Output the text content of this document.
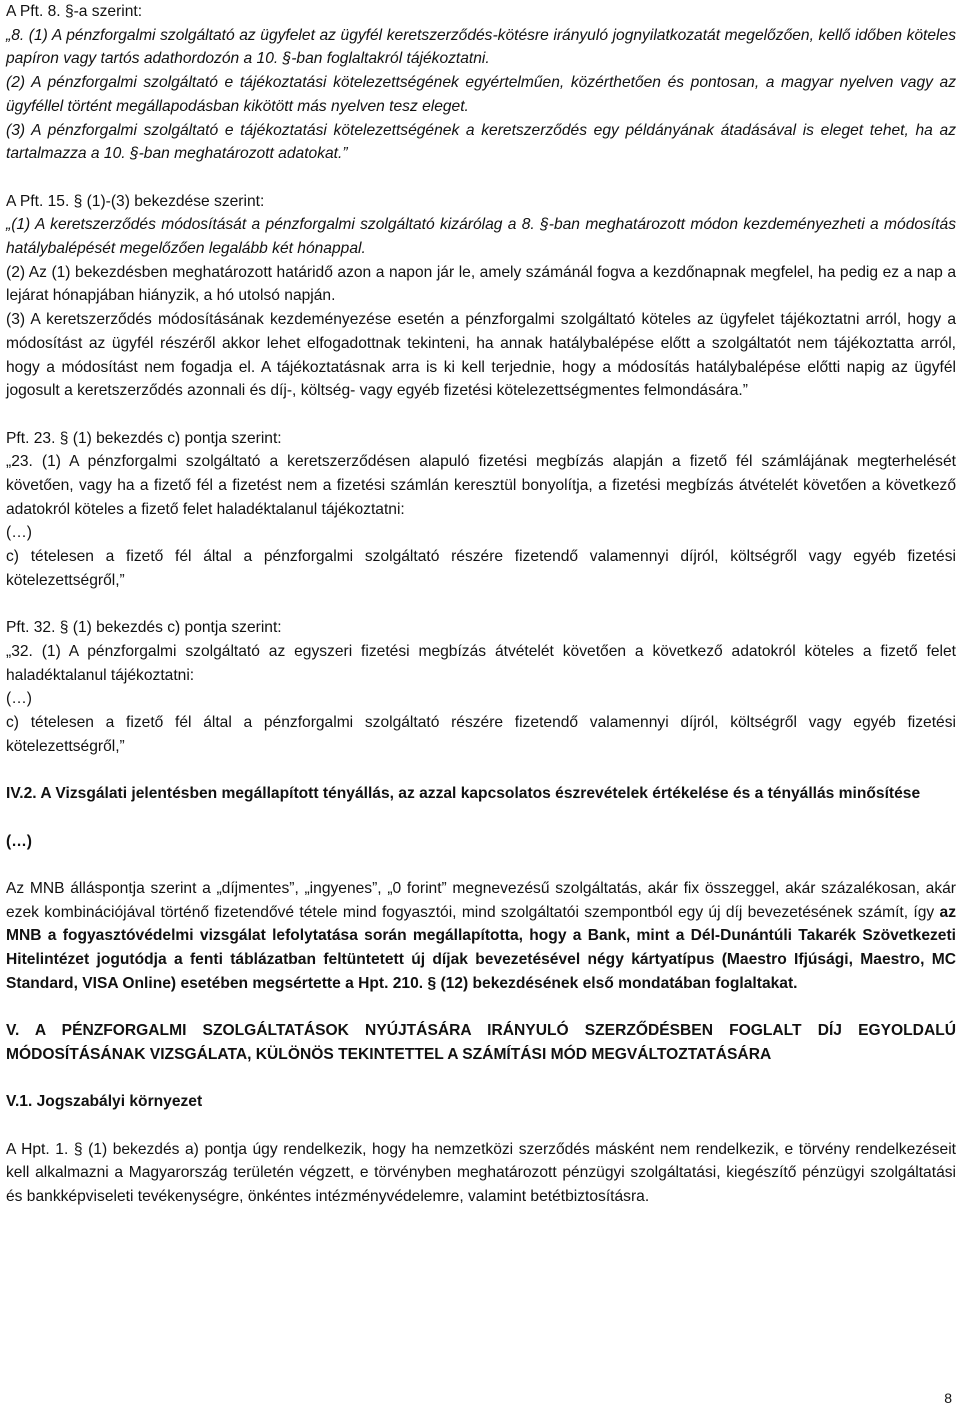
A Pft. 8. §-a szerint:

„8. (1) A pénzforgalmi szolgáltató az ügyfelet az ügyfél keretszerződés-kötésre irányuló jognyilatkozatát megelőzően, kellő időben köteles papíron vagy tartós adathordozón a 10. §-ban foglaltakról tájékoztatni.

(2) A pénzforgalmi szolgáltató e tájékoztatási kötelezettségének egyértelműen, közérthetően és pontosan, a magyar nyelven vagy az ügyféllel történt megállapodásban kikötött más nyelven tesz eleget.

(3) A pénzforgalmi szolgáltató e tájékoztatási kötelezettségének a keretszerződés egy példányának átadásával is eleget tehet, ha az tartalmazza a 10. §-ban meghatározott adatokat.”

A Pft. 15. § (1)-(3) bekezdése szerint:

„(1) A keretszerződés módosítását a pénzforgalmi szolgáltató kizárólag a 8. §-ban meghatározott módon kezdeményezheti a módosítás hatálybalépését megelőzően legalább két hónappal.

(2) Az (1) bekezdésben meghatározott határidő azon a napon jár le, amely számánál fogva a kezdőnapnak megfelel, ha pedig ez a nap a lejárat hónapjában hiányzik, a hó utolsó napján.

(3) A keretszerződés módosításának kezdeményezése esetén a pénzforgalmi szolgáltató köteles az ügyfelet tájékoztatni arról, hogy a módosítást az ügyfél részéről akkor lehet elfogadottnak tekinteni, ha annak hatálybalépése előtt a szolgáltatót nem tájékoztatta arról, hogy a módosítást nem fogadja el. A tájékoztatásnak arra is ki kell terjednie, hogy a módosítás hatálybalépése előtti napig az ügyfél jogosult a keretszerződés azonnali és díj-, költség- vagy egyéb fizetési kötelezettségmentes felmondására.”

Pft. 23. § (1) bekezdés c) pontja szerint:

„23. (1) A pénzforgalmi szolgáltató a keretszerződésen alapuló fizetési megbízás alapján a fizető fél számlájának megterhelését követően, vagy ha a fizető fél a fizetést nem a fizetési számlán keresztül bonyolítja, a fizetési megbízás átvételét követően a következő adatokról köteles a fizető felet haladéktalanul tájékoztatni:

(…)

c) tételesen a fizető fél által a pénzforgalmi szolgáltató részére fizetendő valamennyi díjról, költségről vagy egyéb fizetési kötelezettségről,”

Pft. 32. § (1) bekezdés c) pontja szerint:

„32. (1) A pénzforgalmi szolgáltató az egyszeri fizetési megbízás átvételét követően a következő adatokról köteles a fizető felet haladéktalanul tájékoztatni:

(…)

c) tételesen a fizető fél által a pénzforgalmi szolgáltató részére fizetendő valamennyi díjról, költségről vagy egyéb fizetési kötelezettségről,”

IV.2. A Vizsgálati jelentésben megállapított tényállás, az azzal kapcsolatos észrevételek értékelése és a tényállás minősítése

(…)

Az MNB álláspontja szerint a „díjmentes”, „ingyenes”, „0 forint” megnevezésű szolgáltatás, akár fix összeggel, akár százalékosan, akár ezek kombinációjával történő fizetendővé tétele mind fogyasztói, mind szolgáltatói szempontból egy új díj bevezetésének számít, így az MNB a fogyasztóvédelmi vizsgálat lefolytatása során megállapította, hogy a Bank, mint a Dél-Dunántúli Takarék Szövetkezeti Hitelintézet jogutódja a fenti táblázatban feltüntetett új díjak bevezetésével négy kártyatípus (Maestro Ifjúsági, Maestro, MC Standard, VISA Online) esetében megsértette a Hpt. 210. § (12) bekezdésének első mondatában foglaltakat.

V. A PÉNZFORGALMI SZOLGÁLTATÁSOK NYÚJTÁSÁRA IRÁNYULÓ SZERZŐDÉSBEN FOGLALT DÍJ EGYOLDALÚ MÓDOSÍTÁSÁNAK VIZSGÁLATA, KÜLÖNÖS TEKINTETTEL A SZÁMÍTÁSI MÓD MEGVÁLTOZTATÁSÁRA

V.1. Jogszabályi környezet

A Hpt. 1. § (1) bekezdés a) pontja úgy rendelkezik, hogy ha nemzetközi szerződés másként nem rendelkezik, e törvény rendelkezéseit kell alkalmazni a Magyarország területén végzett, e törvényben meghatározott pénzügyi szolgáltatási, kiegészítő pénzügyi szolgáltatási és bankképviseleti tevékenységre, önkéntes intézményvédelemre, valamint betétbiztosításra.

8
